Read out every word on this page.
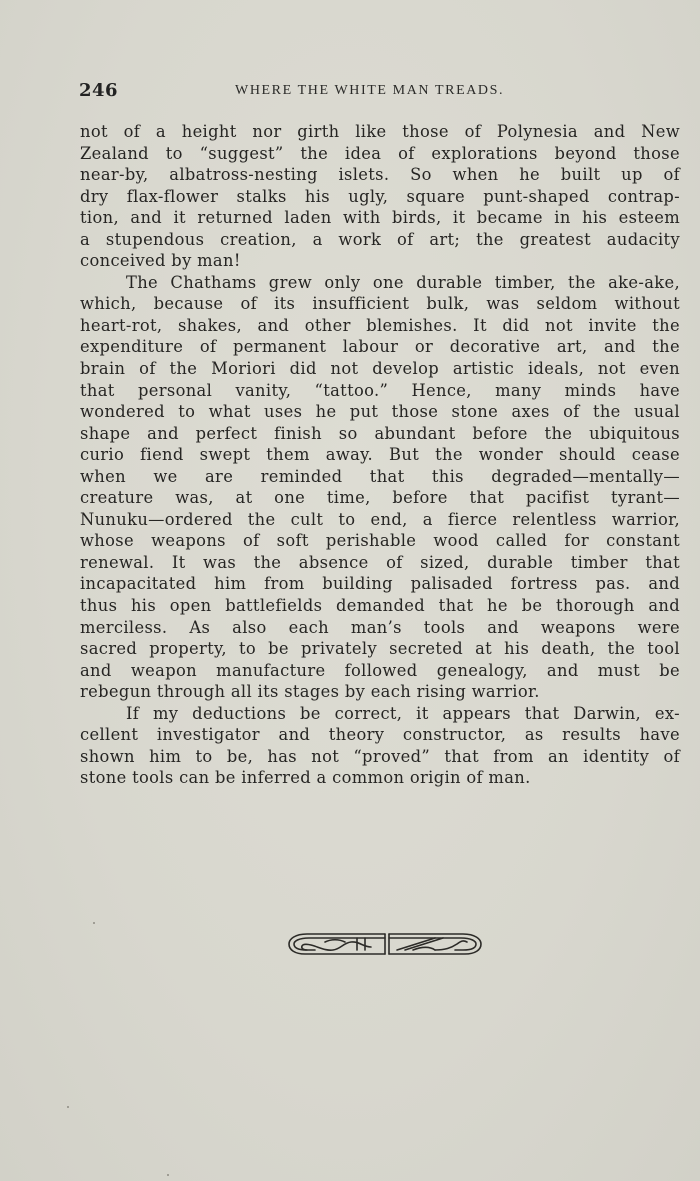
246	WHERE THE WHITE MAN TREADS.

not of a height nor girth like those of Polynesia and New
Zealand to “suggest” the idea of explorations beyond those
near-by, albatross-nesting islets. So when he built up of
dry flax-flower stalks his ugly, square punt-shaped contrap-
tion, and it returned laden with birds, it became in his esteem
a stupendous creation, a work of art; the greatest audacity
conceived by man!

The Chathams grew only one durable timber, the ake-ake,
which, because of its insufficient bulk, was seldom without
heart-rot, shakes, and other blemishes. It did not invite the
expenditure of permanent labour or decorative art, and the
brain of the Moriori did not develop artistic ideals, not even
that personal vanity, “tattoo.” Hence, many minds have
wondered to what uses he put those stone axes of the usual
shape and perfect finish so abundant before the ubiquitous
curio fiend swept them away. But the wonder should cease
when we are reminded that this degraded—mentally—
creature was, at one time, before that pacifist tyrant—
Nunuku—ordered the cult to end, a fierce relentless warrior,
whose weapons of soft perishable wood called for constant
renewal. It was the absence of sized, durable timber that
incapacitated him from building palisaded fortress pas. and
thus his open battlefields demanded that he be thorough and
merciless. As also each man’s tools and weapons were
sacred property, to be privately secreted at his death, the tool
and weapon manufacture followed genealogy, and must be
rebegun through all its stages by each rising warrior.

If my deductions be correct, it appears that Darwin, ex-
cellent investigator and theory constructor, as results have
shown him to be, has not “proved” that from an identity of
stone tools can be inferred a common origin of man.
